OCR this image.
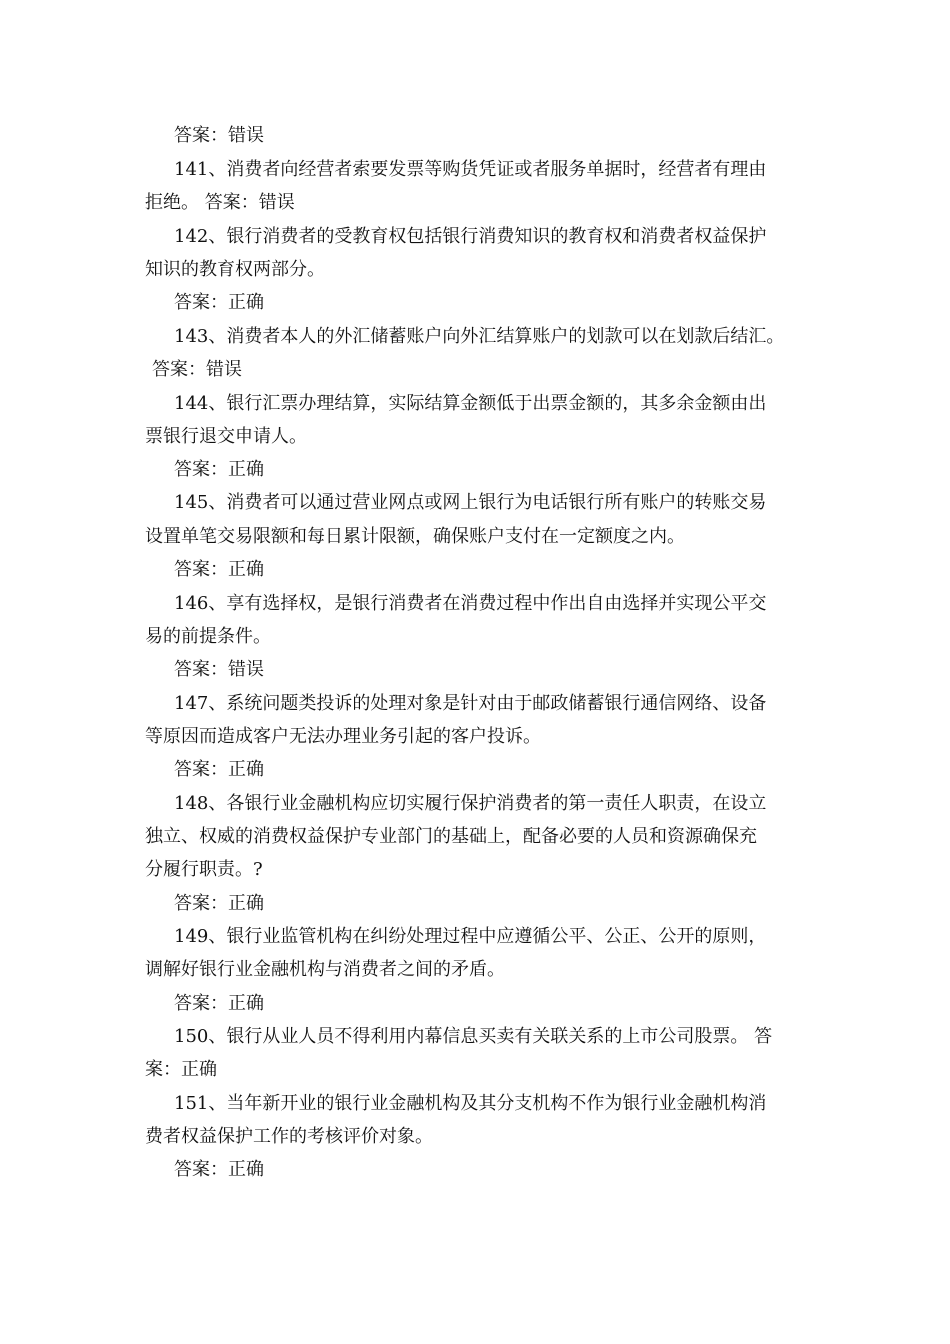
答案：错误
141、消费者向经营者索要发票等购货凭证或者服务单据时，经营者有理由
拒绝。 答案：错误
142、银行消费者的受教育权包括银行消费知识的教育权和消费者权益保护
知识的教育权两部分。
答案：正确
143、消费者本人的外汇储蓄账户向外汇结算账户的划款可以在划款后结汇。
答案：错误
144、银行汇票办理结算，实际结算金额低于出票金额的，其多余金额由出
票银行退交申请人。
答案：正确
145、消费者可以通过营业网点或网上银行为电话银行所有账户的转账交易
设置单笔交易限额和每日累计限额，确保账户支付在一定额度之内。
答案：正确
146、享有选择权，是银行消费者在消费过程中作出自由选择并实现公平交
易的前提条件。
答案：错误
147、系统问题类投诉的处理对象是针对由于邮政储蓄银行通信网络、设备
等原因而造成客户无法办理业务引起的客户投诉。
答案：正确
148、各银行业金融机构应切实履行保护消费者的第一责任人职责，在设立
独立、权威的消费权益保护专业部门的基础上，配备必要的人员和资源确保充
分履行职责。?
答案：正确
149、银行业监管机构在纠纷处理过程中应遵循公平、公正、公开的原则，
调解好银行业金融机构与消费者之间的矛盾。
答案：正确
150、银行从业人员不得利用内幕信息买卖有关联关系的上市公司股票。 答
案：正确
151、当年新开业的银行业金融机构及其分支机构不作为银行业金融机构消
费者权益保护工作的考核评价对象。
答案：正确
